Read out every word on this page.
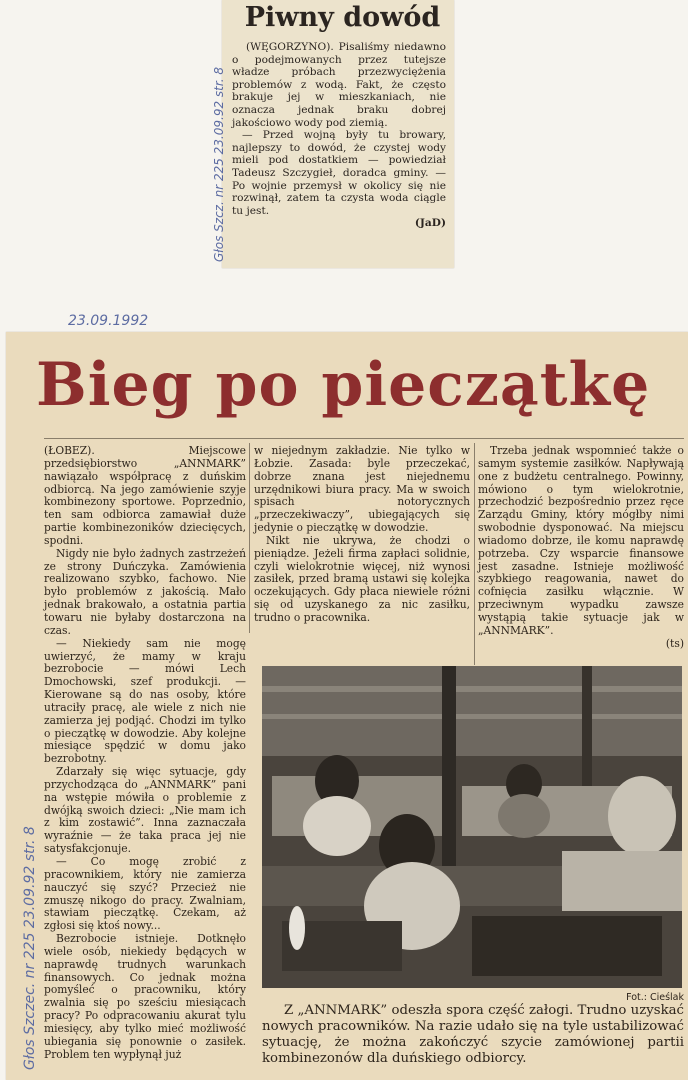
Piwny dowód

(WĘGORZYNO). Pisaliśmy niedawno o podejmowanych przez tutejsze władze próbach przezwyciężenia problemów z wodą. Fakt, że często brakuje jej w mieszkaniach, nie oznacza jednak braku dobrej jakościowo wody pod ziemią.

— Przed wojną były tu browary, najlepszy to dowód, że czystej wody mieli pod dostatkiem — powiedział Tadeusz Szczygieł, doradca gminy. — Po wojnie przemysł w okolicy się nie rozwinął, zatem ta czysta woda ciągle tu jest.

(JaD)
Głos Szcz. nr 225 23.09.92 str. 8
23.09.1992
Głos Szczec. nr 225 23.09.92 str. 8
Bieg po pieczątkę

(ŁOBEZ). Miejscowe przedsiębiorstwo „ANNMARK” nawiązało współpracę z duńskim odbiorcą. Na jego zamówienie szyje kombinezony sportowe. Poprzednio, ten sam odbiorca zamawiał duże partie kombinezoników dziecięcych, spodni.

Nigdy nie było żadnych zastrzeżeń ze strony Duńczyka. Zamówienia realizowano szybko, fachowo. Nie było problemów z jakością. Mało jednak brakowało, a ostatnia partia towaru nie byłaby dostarczona na czas.

— Niekiedy sam nie mogę uwierzyć, że mamy w kraju bezrobocie — mówi Lech Dmochowski, szef produkcji. — Kierowane są do nas osoby, które utraciły pracę, ale wiele z nich nie zamierza jej podjąć. Chodzi im tylko o pieczątkę w dowodzie. Aby kolejne miesiące spędzić w domu jako bezrobotny.

Zdarzały się więc sytuacje, gdy przychodząca do „ANNMARK” pani na wstępie mówiła o problemie z dwójką swoich dzieci: „Nie mam ich z kim zostawić”. Inna zaznaczała wyraźnie — że taka praca jej nie satysfakcjonuje.

— Co mogę zrobić z pracownikiem, który nie zamierza nauczyć się szyć? Przecież nie zmuszę nikogo do pracy. Zwalniam, stawiam pieczątkę. Czekam, aż zgłosi się ktoś nowy...

Bezrobocie istnieje. Dotknęło wiele osób, niekiedy będących w naprawdę trudnych warunkach finansowych. Co jednak można pomyśleć o pracowniku, który zwalnia się po sześciu miesiącach pracy? Po odpracowaniu akurat tylu miesięcy, aby tylko mieć możliwość ubiegania się ponownie o zasiłek. Problem ten wypłynął już

w niejednym zakładzie. Nie tylko w Łobzie. Zasada: byle przeczekać, dobrze znana jest niejednemu urzędnikowi biura pracy. Ma w swoich spisach notorycznych „przeczekiwaczy”, ubiegających się jedynie o pieczątkę w dowodzie.

Nikt nie ukrywa, że chodzi o pieniądze. Jeżeli firma zapłaci solidnie, czyli wielokrotnie więcej, niż wynosi zasiłek, przed bramą ustawi się kolejka oczekujących. Gdy płaca niewiele różni się od uzyskanego za nic zasiłku, trudno o pracownika.

Trzeba jednak wspomnieć także o samym systemie zasiłków. Napływają one z budżetu centralnego. Powinny, mówiono o tym wielokrotnie, przechodzić bezpośrednio przez ręce Zarządu Gminy, który mógłby nimi swobodnie dysponować. Na miejscu wiadomo dobrze, ile komu naprawdę potrzeba. Czy wsparcie finansowe jest zasadne. Istnieje możliwość szybkiego reagowania, nawet do cofnięcia zasiłku włącznie. W przeciwnym wypadku zawsze wystąpią takie sytuacje jak w „ANNMARK”.

(ts)
Fot.: Cieślak
Z „ANNMARK” odeszła spora część załogi. Trudno uzyskać nowych pracowników. Na razie udało się na tyle ustabilizować sytuację, że można zakończyć szycie zamówionej partii kombinezonów dla duńskiego odbiorcy.
